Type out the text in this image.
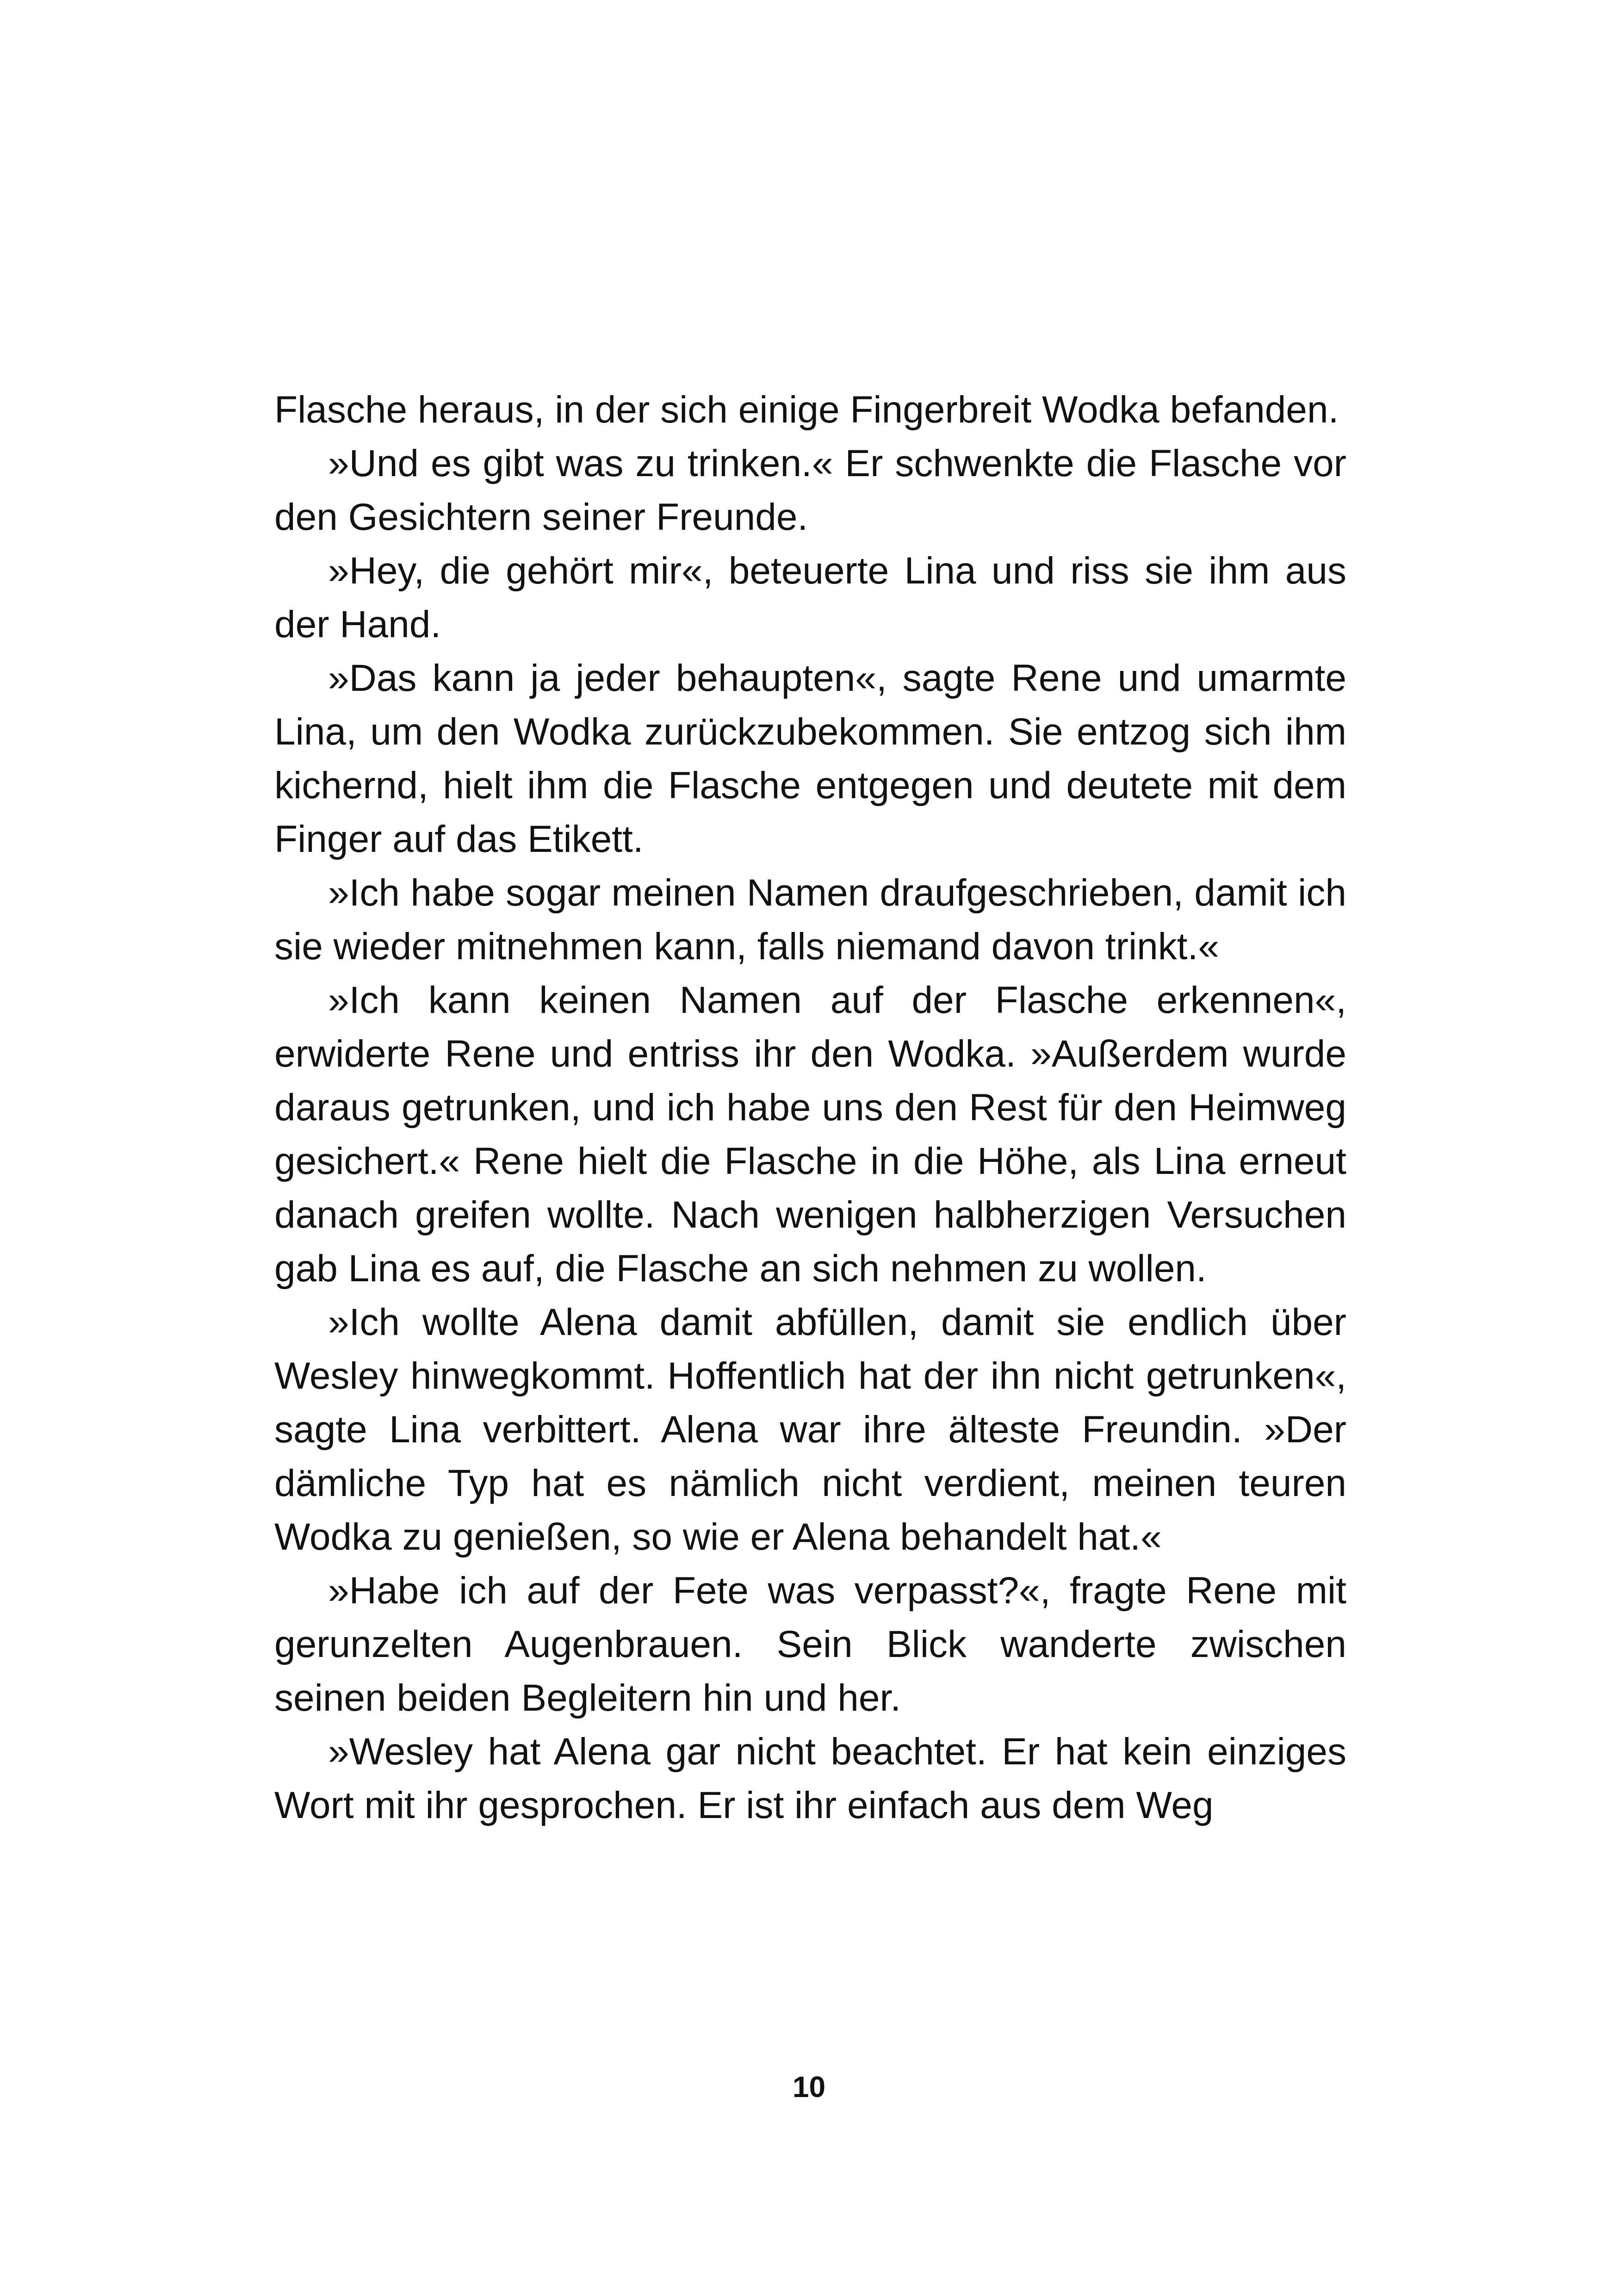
Flasche heraus, in der sich einige Fingerbreit Wodka befanden.

»Und es gibt was zu trinken.« Er schwenkte die Flasche vor den Gesichtern seiner Freunde.

»Hey, die gehört mir«, beteuerte Lina und riss sie ihm aus der Hand.

»Das kann ja jeder behaupten«, sagte Rene und umarmte Lina, um den Wodka zurückzubekommen. Sie entzog sich ihm kichernd, hielt ihm die Flasche entgegen und deutete mit dem Finger auf das Etikett.

»Ich habe sogar meinen Namen draufgeschrieben, damit ich sie wieder mitnehmen kann, falls niemand davon trinkt.«

»Ich kann keinen Namen auf der Flasche erkennen«, erwiderte Rene und entriss ihr den Wodka. »Außerdem wurde daraus getrunken, und ich habe uns den Rest für den Heimweg gesichert.« Rene hielt die Flasche in die Höhe, als Lina erneut danach greifen wollte. Nach wenigen halbherzigen Versuchen gab Lina es auf, die Flasche an sich nehmen zu wollen.

»Ich wollte Alena damit abfüllen, damit sie endlich über Wesley hinwegkommt. Hoffentlich hat der ihn nicht getrunken«, sagte Lina verbittert. Alena war ihre älteste Freundin. »Der dämliche Typ hat es nämlich nicht verdient, meinen teuren Wodka zu genießen, so wie er Alena behandelt hat.«

»Habe ich auf der Fete was verpasst?«, fragte Rene mit gerunzelten Augenbrauen. Sein Blick wanderte zwischen seinen beiden Begleitern hin und her.

»Wesley hat Alena gar nicht beachtet. Er hat kein einziges Wort mit ihr gesprochen. Er ist ihr einfach aus dem Weg

10
